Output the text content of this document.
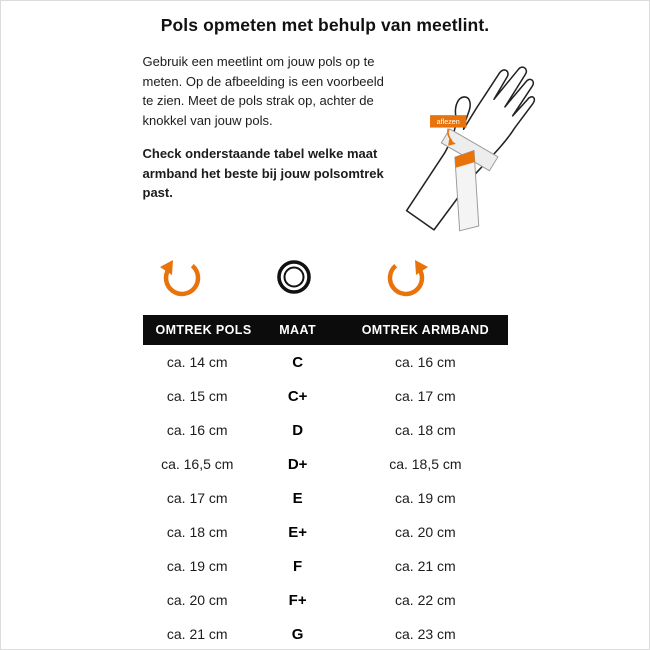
Pols opmeten met behulp van meetlint.

Gebruik een meetlint om jouw pols op te meten. Op de afbeelding is een voorbeeld te zien. Meet de pols strak op, achter de knokkel van jouw pols.

Check onderstaande tabel welke maat armband het beste bij jouw polsomtrek past.

aflezen
OMTREK POLS	MAAT	OMTREK ARMBAND
ca. 14 cm	C	ca. 16 cm
ca. 15 cm	C+	ca. 17 cm
ca. 16 cm	D	ca. 18 cm
ca. 16,5 cm	D+	ca. 18,5 cm
ca. 17 cm	E	ca. 19 cm
ca. 18 cm	E+	ca. 20 cm
ca. 19 cm	F	ca. 21 cm
ca. 20 cm	F+	ca. 22 cm
ca. 21 cm	G	ca. 23 cm
